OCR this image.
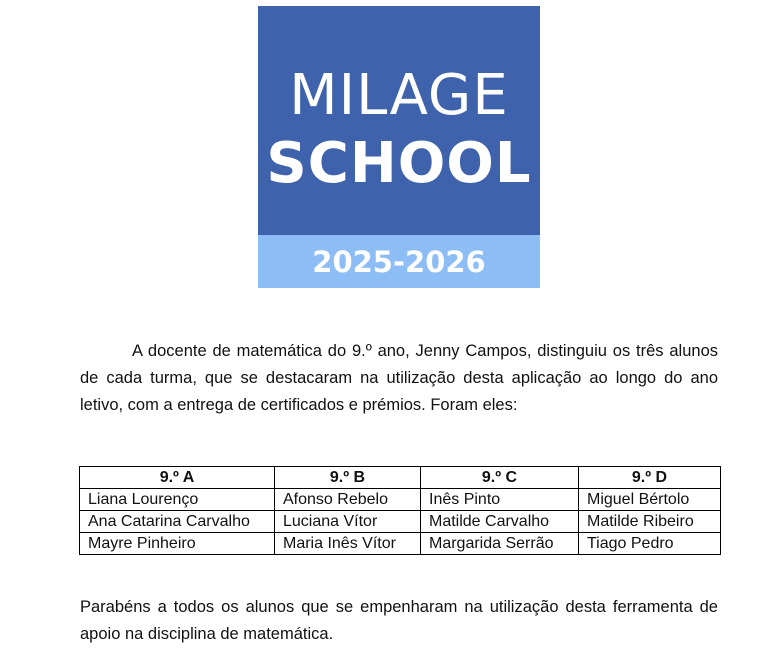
MILAGE
SCHOOL
2025-2026

A docente de matemática do 9.º ano, Jenny Campos, distinguiu os três alunos de cada turma, que se destacaram na utilização desta aplicação ao longo do ano letivo, com a entrega de certificados e prémios. Foram eles:

9.º A	9.º B	9.º C	9.º D
Liana Lourenço	Afonso Rebelo	Inês Pinto	Miguel Bértolo
Ana Catarina Carvalho	Luciana Vítor	Matilde Carvalho	Matilde Ribeiro
Mayre Pinheiro	Maria Inês Vítor	Margarida Serrão	Tiago Pedro

Parabéns a todos os alunos que se empenharam na utilização desta ferramenta de apoio na disciplina de matemática.
